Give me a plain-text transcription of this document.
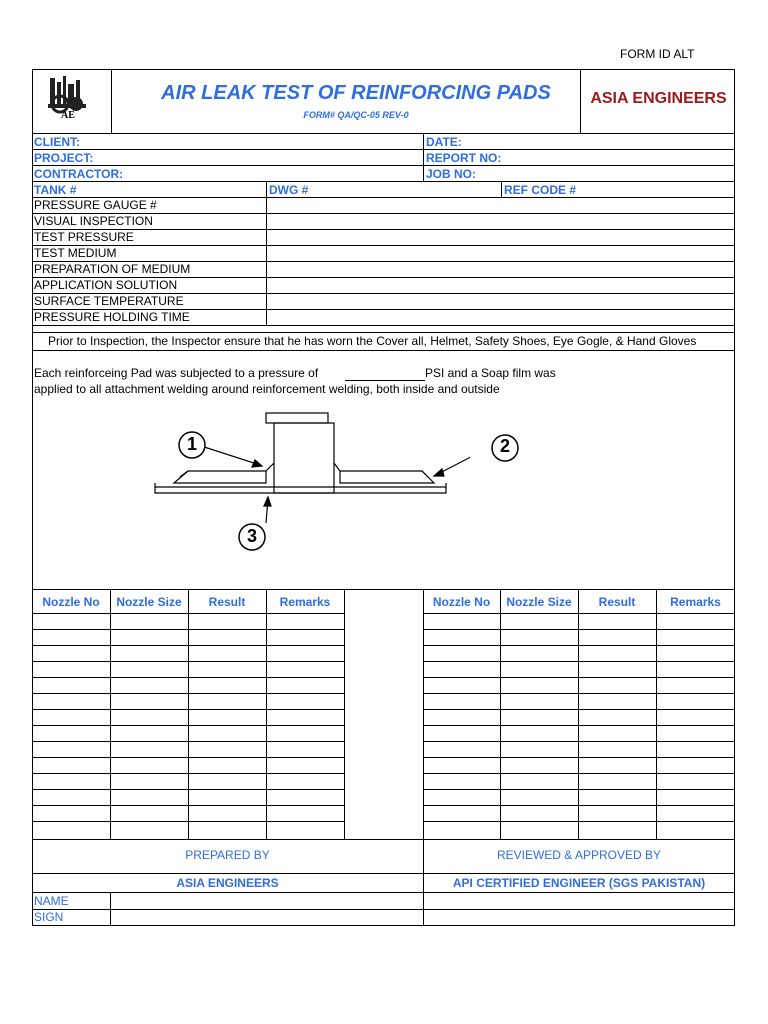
FORM ID ALT
AE
AIR LEAK TEST OF REINFORCING PADS
FORM# QA/QC-05 REV-0
ASIA ENGINEERS
CLIENT:	DATE:
PROJECT:	REPORT NO:
CONTRACTOR:	JOB NO:
TANK #	DWG #	REF CODE #
PRESSURE GAUGE #
VISUAL INSPECTION
TEST PRESSURE
TEST MEDIUM
PREPARATION OF MEDIUM
APPLICATION SOLUTION
SURFACE TEMPERATURE
PRESSURE HOLDING TIME
Prior to Inspection, the Inspector ensure that he has worn the Cover all, Helmet, Safety Shoes, Eye Gogle, & Hand Gloves
Each reinforceing Pad was subjected to a pressure of	PSI and a Soap film was
applied to all attachment welding around reinforcement welding, both inside and outside
1	2
3
Nozzle No	Nozzle Size	Result	Remarks	Nozzle No	Nozzle Size	Result	Remarks
PREPARED BY	REVIEWED & APPROVED BY
ASIA ENGINEERS	API CERTIFIED ENGINEER (SGS PAKISTAN)
NAME
SIGN
